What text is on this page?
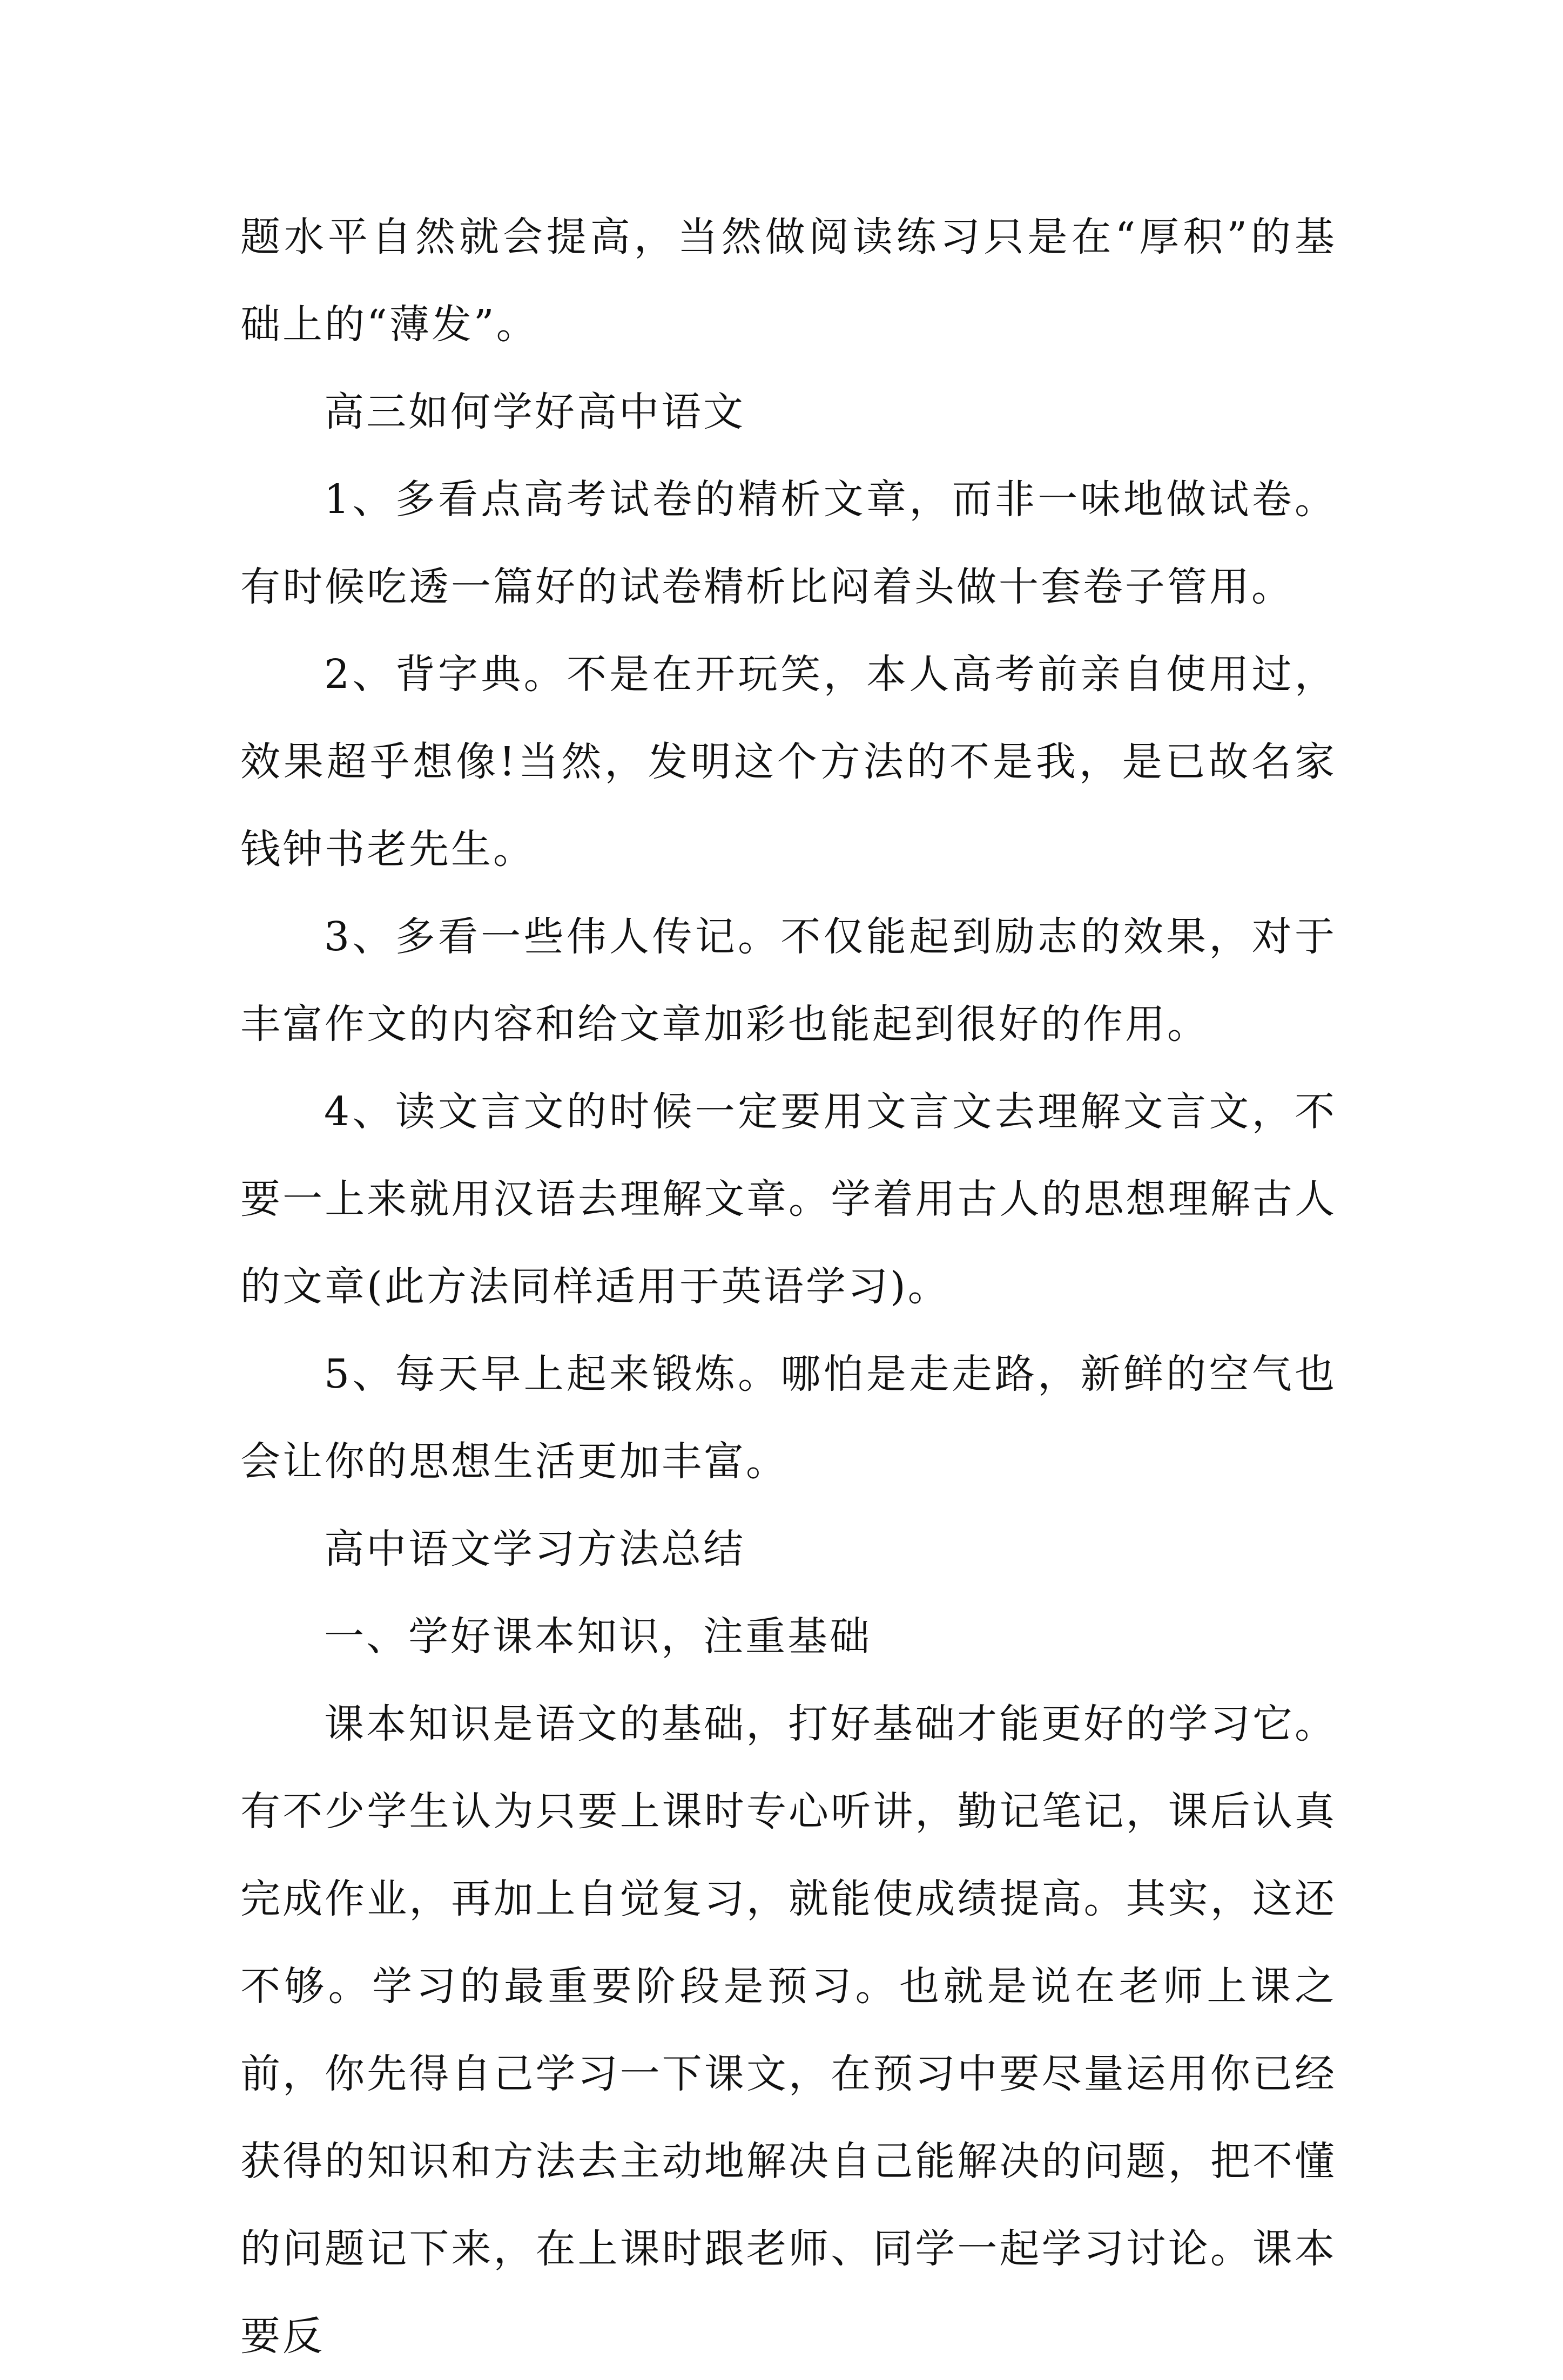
题水平自然就会提高，当然做阅读练习只是在“厚积”的基础上的“薄发”。

高三如何学好高中语文

1、多看点高考试卷的精析文章，而非一味地做试卷。有时候吃透一篇好的试卷精析比闷着头做十套卷子管用。

2、背字典。不是在开玩笑，本人高考前亲自使用过，效果超乎想像!当然，发明这个方法的不是我，是已故名家钱钟书老先生。

3、多看一些伟人传记。不仅能起到励志的效果，对于丰富作文的内容和给文章加彩也能起到很好的作用。

4、读文言文的时候一定要用文言文去理解文言文，不要一上来就用汉语去理解文章。学着用古人的思想理解古人的文章(此方法同样适用于英语学习)。

5、每天早上起来锻炼。哪怕是走走路，新鲜的空气也会让你的思想生活更加丰富。

高中语文学习方法总结

一、学好课本知识，注重基础

课本知识是语文的基础，打好基础才能更好的学习它。有不少学生认为只要上课时专心听讲，勤记笔记，课后认真完成作业，再加上自觉复习，就能使成绩提高。其实，这还不够。学习的最重要阶段是预习。也就是说在老师上课之前，你先得自己学习一下课文，在预习中要尽量运用你已经获得的知识和方法去主动地解决自己能解决的问题，把不懂的问题记下来，在上课时跟老师、同学一起学习讨论。课本要反
